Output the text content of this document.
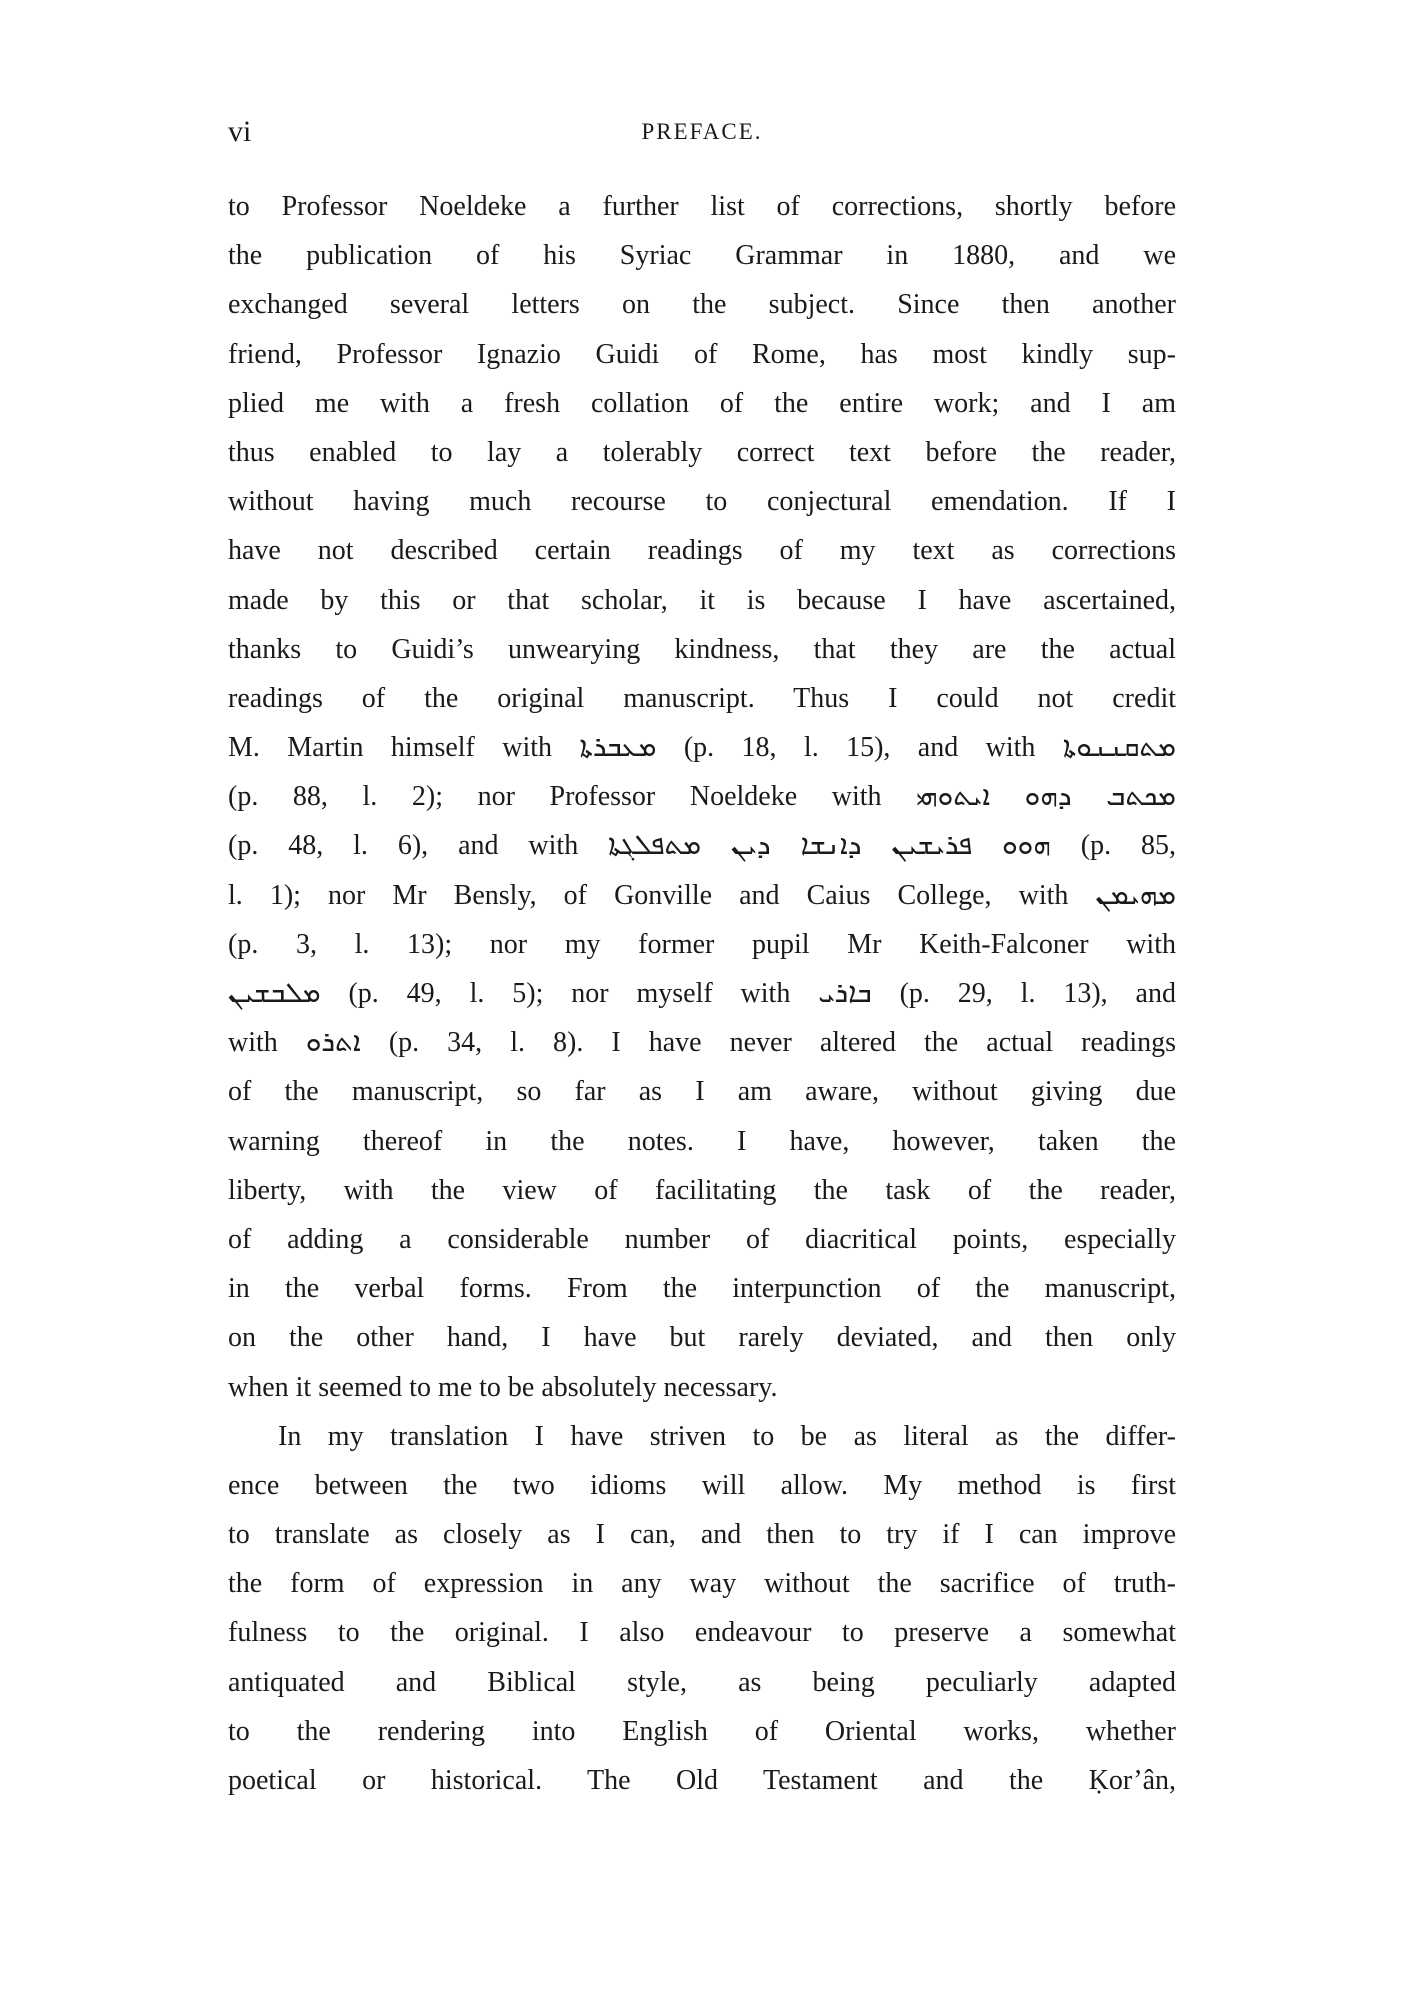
vi	PREFACE.
to Professor Noeldeke a further list of corrections, shortly before
the publication of his Syriac Grammar in 1880, and we
exchanged several letters on the subject. Since then another
friend, Professor Ignazio Guidi of Rome, has most kindly sup-
plied me with a fresh collation of the entire work; and I am
thus enabled to lay a tolerably correct text before the reader,
without having much recourse to conjectural emendation. If I
have not described certain readings of my text as corrections
made by this or that scholar, it is because I have ascertained,
thanks to Guidi’s unwearying kindness, that they are the actual
readings of the original manuscript. Thus I could not credit
M. Martin himself with ܡܥܒܪܬܐ (p. 18, l. 15), and with ܡܬܩܢܢܘܬܐ
(p. 88, l. 2); nor Professor Noeldeke with ܡܟܬܒ ܕܗܘ ܐܝܬܘܗܝ
(p. 48, l. 6), and with ܗܘܘ ܦܪܝܫܝܢ ܕܐܢܫܐ ܕܝܢ ܡܬܦܠܓܬܐ (p. 85,
l. 1); nor Mr Bensly, of Gonville and Caius College, with ܡܗܝܡܢ
(p. 3, l. 13); nor my former pupil Mr Keith-Falconer with
ܡܠܒܫܝܢ (p. 49, l. 5); nor myself with ܒܐܪܝ (p. 29, l. 13), and
with ܐܬܪܘ (p. 34, l. 8). I have never altered the actual readings
of the manuscript, so far as I am aware, without giving due
warning thereof in the notes. I have, however, taken the
liberty, with the view of facilitating the task of the reader,
of adding a considerable number of diacritical points, especially
in the verbal forms. From the interpunction of the manuscript,
on the other hand, I have but rarely deviated, and then only
when it seemed to me to be absolutely necessary.
In my translation I have striven to be as literal as the differ-
ence between the two idioms will allow. My method is first
to translate as closely as I can, and then to try if I can improve
the form of expression in any way without the sacrifice of truth-
fulness to the original. I also endeavour to preserve a somewhat
antiquated and Biblical style, as being peculiarly adapted
to the rendering into English of Oriental works, whether
poetical or historical. The Old Testament and the Ḳor’ân,
